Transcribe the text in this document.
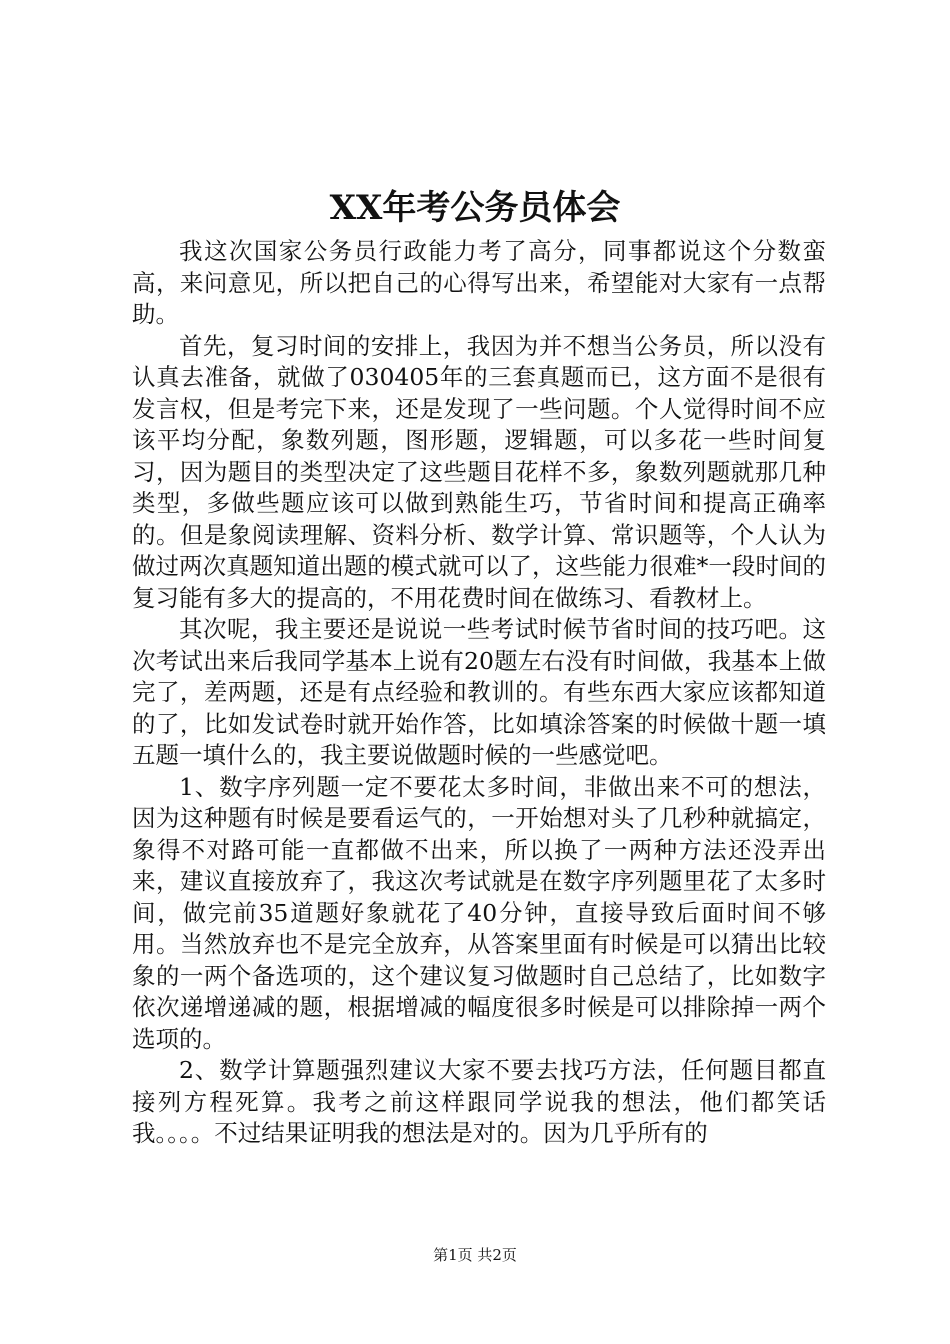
XX年考公务员体会

我这次国家公务员行政能力考了高分，同事都说这个分数蛮高，来问意见，所以把自己的心得写出来，希望能对大家有一点帮助。

首先，复习时间的安排上，我因为并不想当公务员，所以没有认真去准备，就做了030405年的三套真题而已，这方面不是很有发言权，但是考完下来，还是发现了一些问题。个人觉得时间不应该平均分配，象数列题，图形题，逻辑题，可以多花一些时间复习，因为题目的类型决定了这些题目花样不多，象数列题就那几种类型，多做些题应该可以做到熟能生巧，节省时间和提高正确率的。但是象阅读理解、资料分析、数学计算、常识题等，个人认为做过两次真题知道出题的模式就可以了，这些能力很难*一段时间的复习能有多大的提高的，不用花费时间在做练习、看教材上。

其次呢，我主要还是说说一些考试时候节省时间的技巧吧。这次考试出来后我同学基本上说有20题左右没有时间做，我基本上做完了，差两题，还是有点经验和教训的。有些东西大家应该都知道的了，比如发试卷时就开始作答，比如填涂答案的时候做十题一填五题一填什么的，我主要说做题时候的一些感觉吧。

1、数字序列题一定不要花太多时间，非做出来不可的想法，因为这种题有时候是要看运气的，一开始想对头了几秒种就搞定，象得不对路可能一直都做不出来，所以换了一两种方法还没弄出来，建议直接放弃了，我这次考试就是在数字序列题里花了太多时间，做完前35道题好象就花了40分钟，直接导致后面时间不够用。当然放弃也不是完全放弃，从答案里面有时候是可以猜出比较象的一两个备选项的，这个建议复习做题时自己总结了，比如数字依次递增递减的题，根据增减的幅度很多时候是可以排除掉一两个选项的。

2、数学计算题强烈建议大家不要去找巧方法，任何题目都直接列方程死算。我考之前这样跟同学说我的想法，他们都笑话我。。。。不过结果证明我的想法是对的。因为几乎所有的

第1页 共2页
